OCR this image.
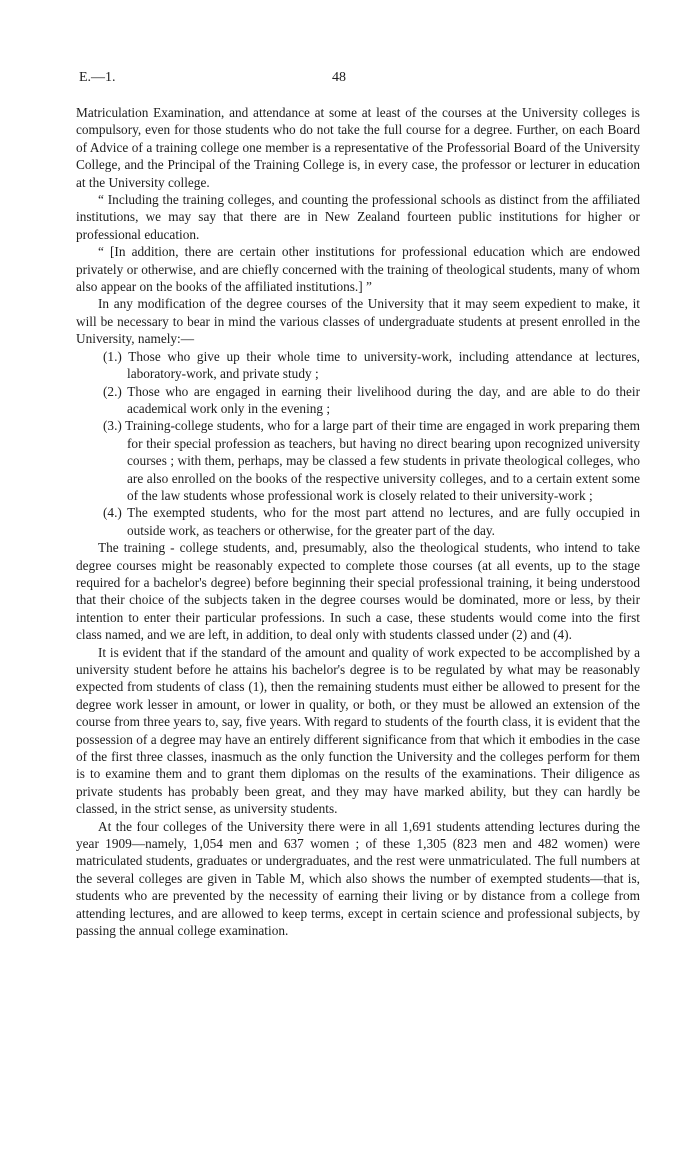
E.—1.	48

Matriculation Examination, and attendance at some at least of the courses at the University colleges is compulsory, even for those students who do not take the full course for a degree. Further, on each Board of Advice of a training college one member is a representative of the Professorial Board of the University College, and the Principal of the Training College is, in every case, the professor or lecturer in education at the University college.

“ Including the training colleges, and counting the professional schools as distinct from the affiliated institutions, we may say that there are in New Zealand fourteen public institutions for higher or professional education.

“ [In addition, there are certain other institutions for professional education which are endowed privately or otherwise, and are chiefly concerned with the training of theological students, many of whom also appear on the books of the affiliated institutions.] ”

In any modification of the degree courses of the University that it may seem expedient to make, it will be necessary to bear in mind the various classes of undergraduate students at present enrolled in the University, namely:—

(1.) Those who give up their whole time to university-work, including attendance at lectures, laboratory-work, and private study ;

(2.) Those who are engaged in earning their livelihood during the day, and are able to do their academical work only in the evening ;

(3.) Training-college students, who for a large part of their time are engaged in work preparing them for their special profession as teachers, but having no direct bearing upon recognized university courses ; with them, perhaps, may be classed a few students in private theological colleges, who are also enrolled on the books of the respective university colleges, and to a certain extent some of the law students whose professional work is closely related to their university-work ;

(4.) The exempted students, who for the most part attend no lectures, and are fully occupied in outside work, as teachers or otherwise, for the greater part of the day.

The training - college students, and, presumably, also the theological students, who intend to take degree courses might be reasonably expected to complete those courses (at all events, up to the stage required for a bachelor's degree) before beginning their special professional training, it being understood that their choice of the subjects taken in the degree courses would be dominated, more or less, by their intention to enter their particular professions. In such a case, these students would come into the first class named, and we are left, in addition, to deal only with students classed under (2) and (4).

It is evident that if the standard of the amount and quality of work expected to be accomplished by a university student before he attains his bachelor's degree is to be regulated by what may be reasonably expected from students of class (1), then the remaining students must either be allowed to present for the degree work lesser in amount, or lower in quality, or both, or they must be allowed an extension of the course from three years to, say, five years. With regard to students of the fourth class, it is evident that the possession of a degree may have an entirely different significance from that which it embodies in the case of the first three classes, inasmuch as the only function the University and the colleges perform for them is to examine them and to grant them diplomas on the results of the examinations. Their diligence as private students has probably been great, and they may have marked ability, but they can hardly be classed, in the strict sense, as university students.

At the four colleges of the University there were in all 1,691 students attending lectures during the year 1909—namely, 1,054 men and 637 women ; of these 1,305 (823 men and 482 women) were matriculated students, graduates or undergraduates, and the rest were unmatriculated. The full numbers at the several colleges are given in Table M, which also shows the number of exempted students—that is, students who are prevented by the necessity of earning their living or by distance from a college from attending lectures, and are allowed to keep terms, except in certain science and professional subjects, by passing the annual college examination.
